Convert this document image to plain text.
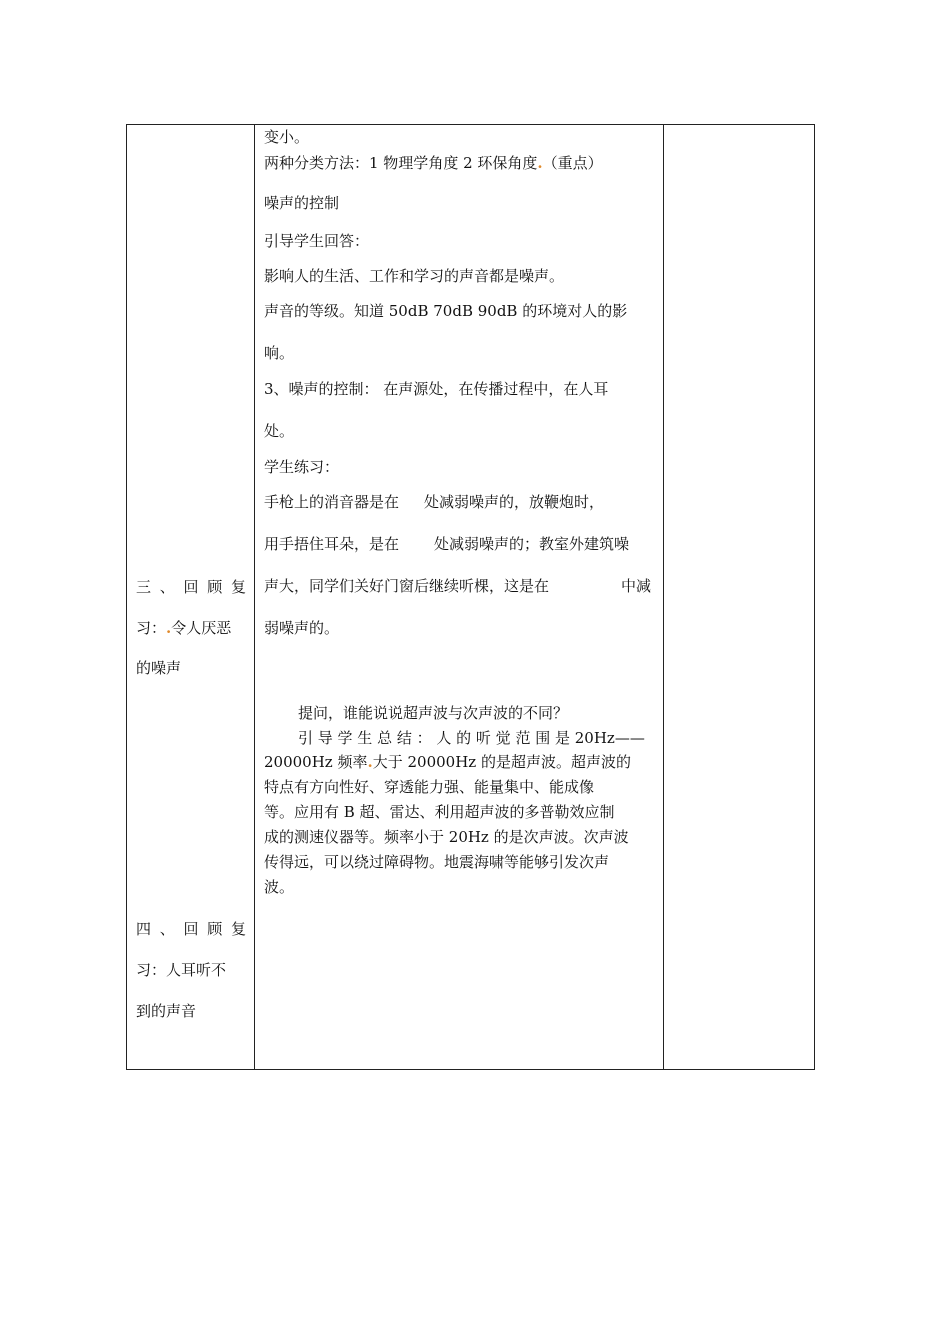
三 、 回 顾 复

习：.令人厌恶

的噪声

四 、 回 顾 复

习：人耳听不

到的声音

变小。

两种分类方法：1 物理学角度 2 环保角度.（重点）

噪声的控制

引导学生回答：

影响人的生活、工作和学习的声音都是噪声。

声音的等级。知道 50dB 70dB 90dB 的环境对人的影

响。

3、噪声的控制： 在声源处，在传播过程中，在人耳

处。

学生练习：

手枪上的消音器是在 处减弱噪声的，放鞭炮时，

用手捂住耳朵，是在 处减弱噪声的；教室外建筑噪

声大，同学们关好门窗后继续听棵，这是在	中减

弱噪声的。

提问，谁能说说超声波与次声波的不同？

引 导 学 生 总 结 ： 人 的 听 觉 范 围 是 20Hz——

20000Hz 频率.大于 20000Hz 的是超声波。超声波的

特点有方向性好、穿透能力强、能量集中、能成像

等。应用有 B 超、雷达、利用超声波的多普勒效应制

成的测速仪器等。频率小于 20Hz 的是次声波。次声波

传得远，可以绕过障碍物。地震海啸等能够引发次声

波。
